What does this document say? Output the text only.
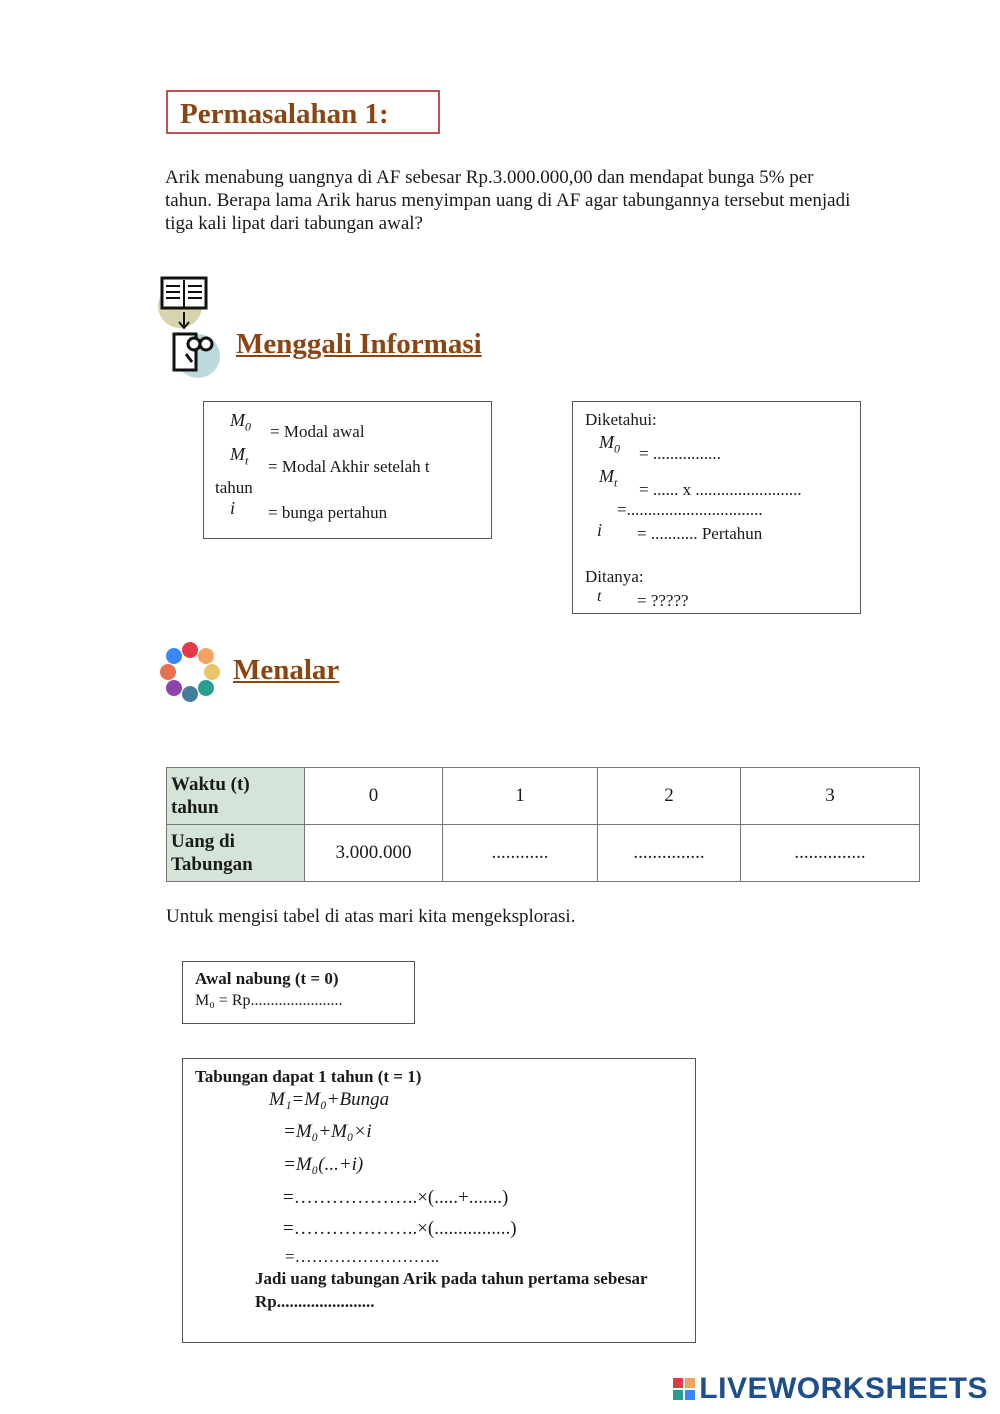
Permasalahan 1:
Arik menabung uangnya di AF sebesar Rp.3.000.000,00 dan mendapat bunga 5% per tahun. Berapa lama Arik harus menyimpan uang di AF agar tabungannya tersebut menjadi tiga kali lipat dari tabungan awal?
Menggali Informasi
$M_0$ = Modal awal
$M_t$ = Modal Akhir setelah t
tahun
i = bunga pertahun
Diketahui:
$M_0$ = ................
$M_t$ = ...... x .........................
=................................
i = ........... Pertahun
Ditanya:
t = ?????
Menalar
Waktu (t)
tahun	0	1	2	3

Uang di
Tabungan	3.000.000	............	...............	...............
Untuk mengisi tabel di atas mari kita mengeksplorasi.
Awal nabung (t = 0)
M₀ = Rp.......................
Tabungan dapat 1 tahun (t = 1)
M₁=M₀+Bunga
=M₀+M₀×i
=M₀(...+i)
=………………..×(.....+.......)
=………………..×(................)
=……………………..
Jadi uang tabungan Arik pada tahun pertama sebesar
Rp.......................
LIVEWORKSHEETS
